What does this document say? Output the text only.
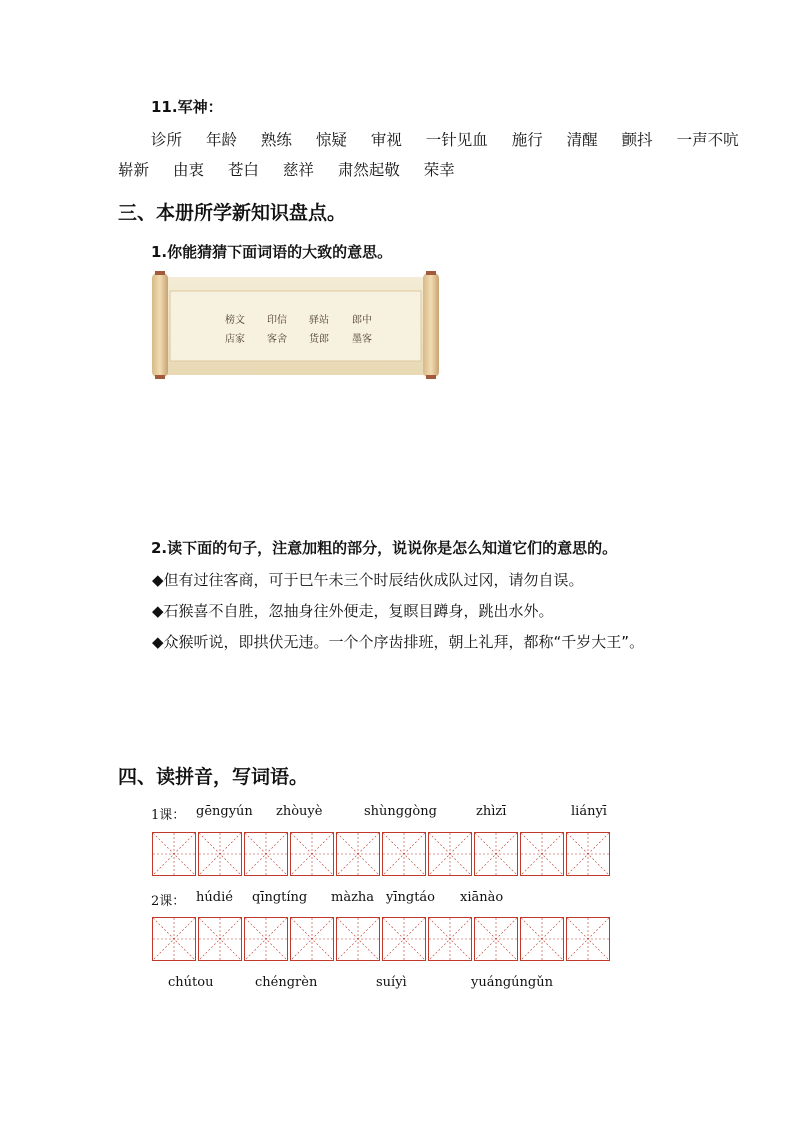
11.军神：
诊所 年龄 熟练 惊疑 审视 一针见血 施行 清醒 颤抖 一声不吭
崭新 由衷 苍白 慈祥 肃然起敬 荣幸
三、本册所学新知识盘点。
1.你能猜猜下面词语的大致的意思。
榜文 印信 驿站 郎中
店家 客舍 货郎 墨客
2.读下面的句子，注意加粗的部分，说说你是怎么知道它们的意思的。
◆但有过往客商，可于巳午未三个时辰结伙成队过冈，请勿自误。
◆石猴喜不自胜，忽抽身往外便走，复瞑目蹲身，跳出水外。
◆众猴听说，即拱伏无违。一个个序齿排班，朝上礼拜，都称“千岁大王”。
四、读拼音，写词语。
1课： gēngyún zhòuyè	shùnggòng	zhìzī	liányī
2课： húdié qīngtíng màzha yīngtáo xiānào
chútou	chéngrèn	suíyì	yuángúngǔn
